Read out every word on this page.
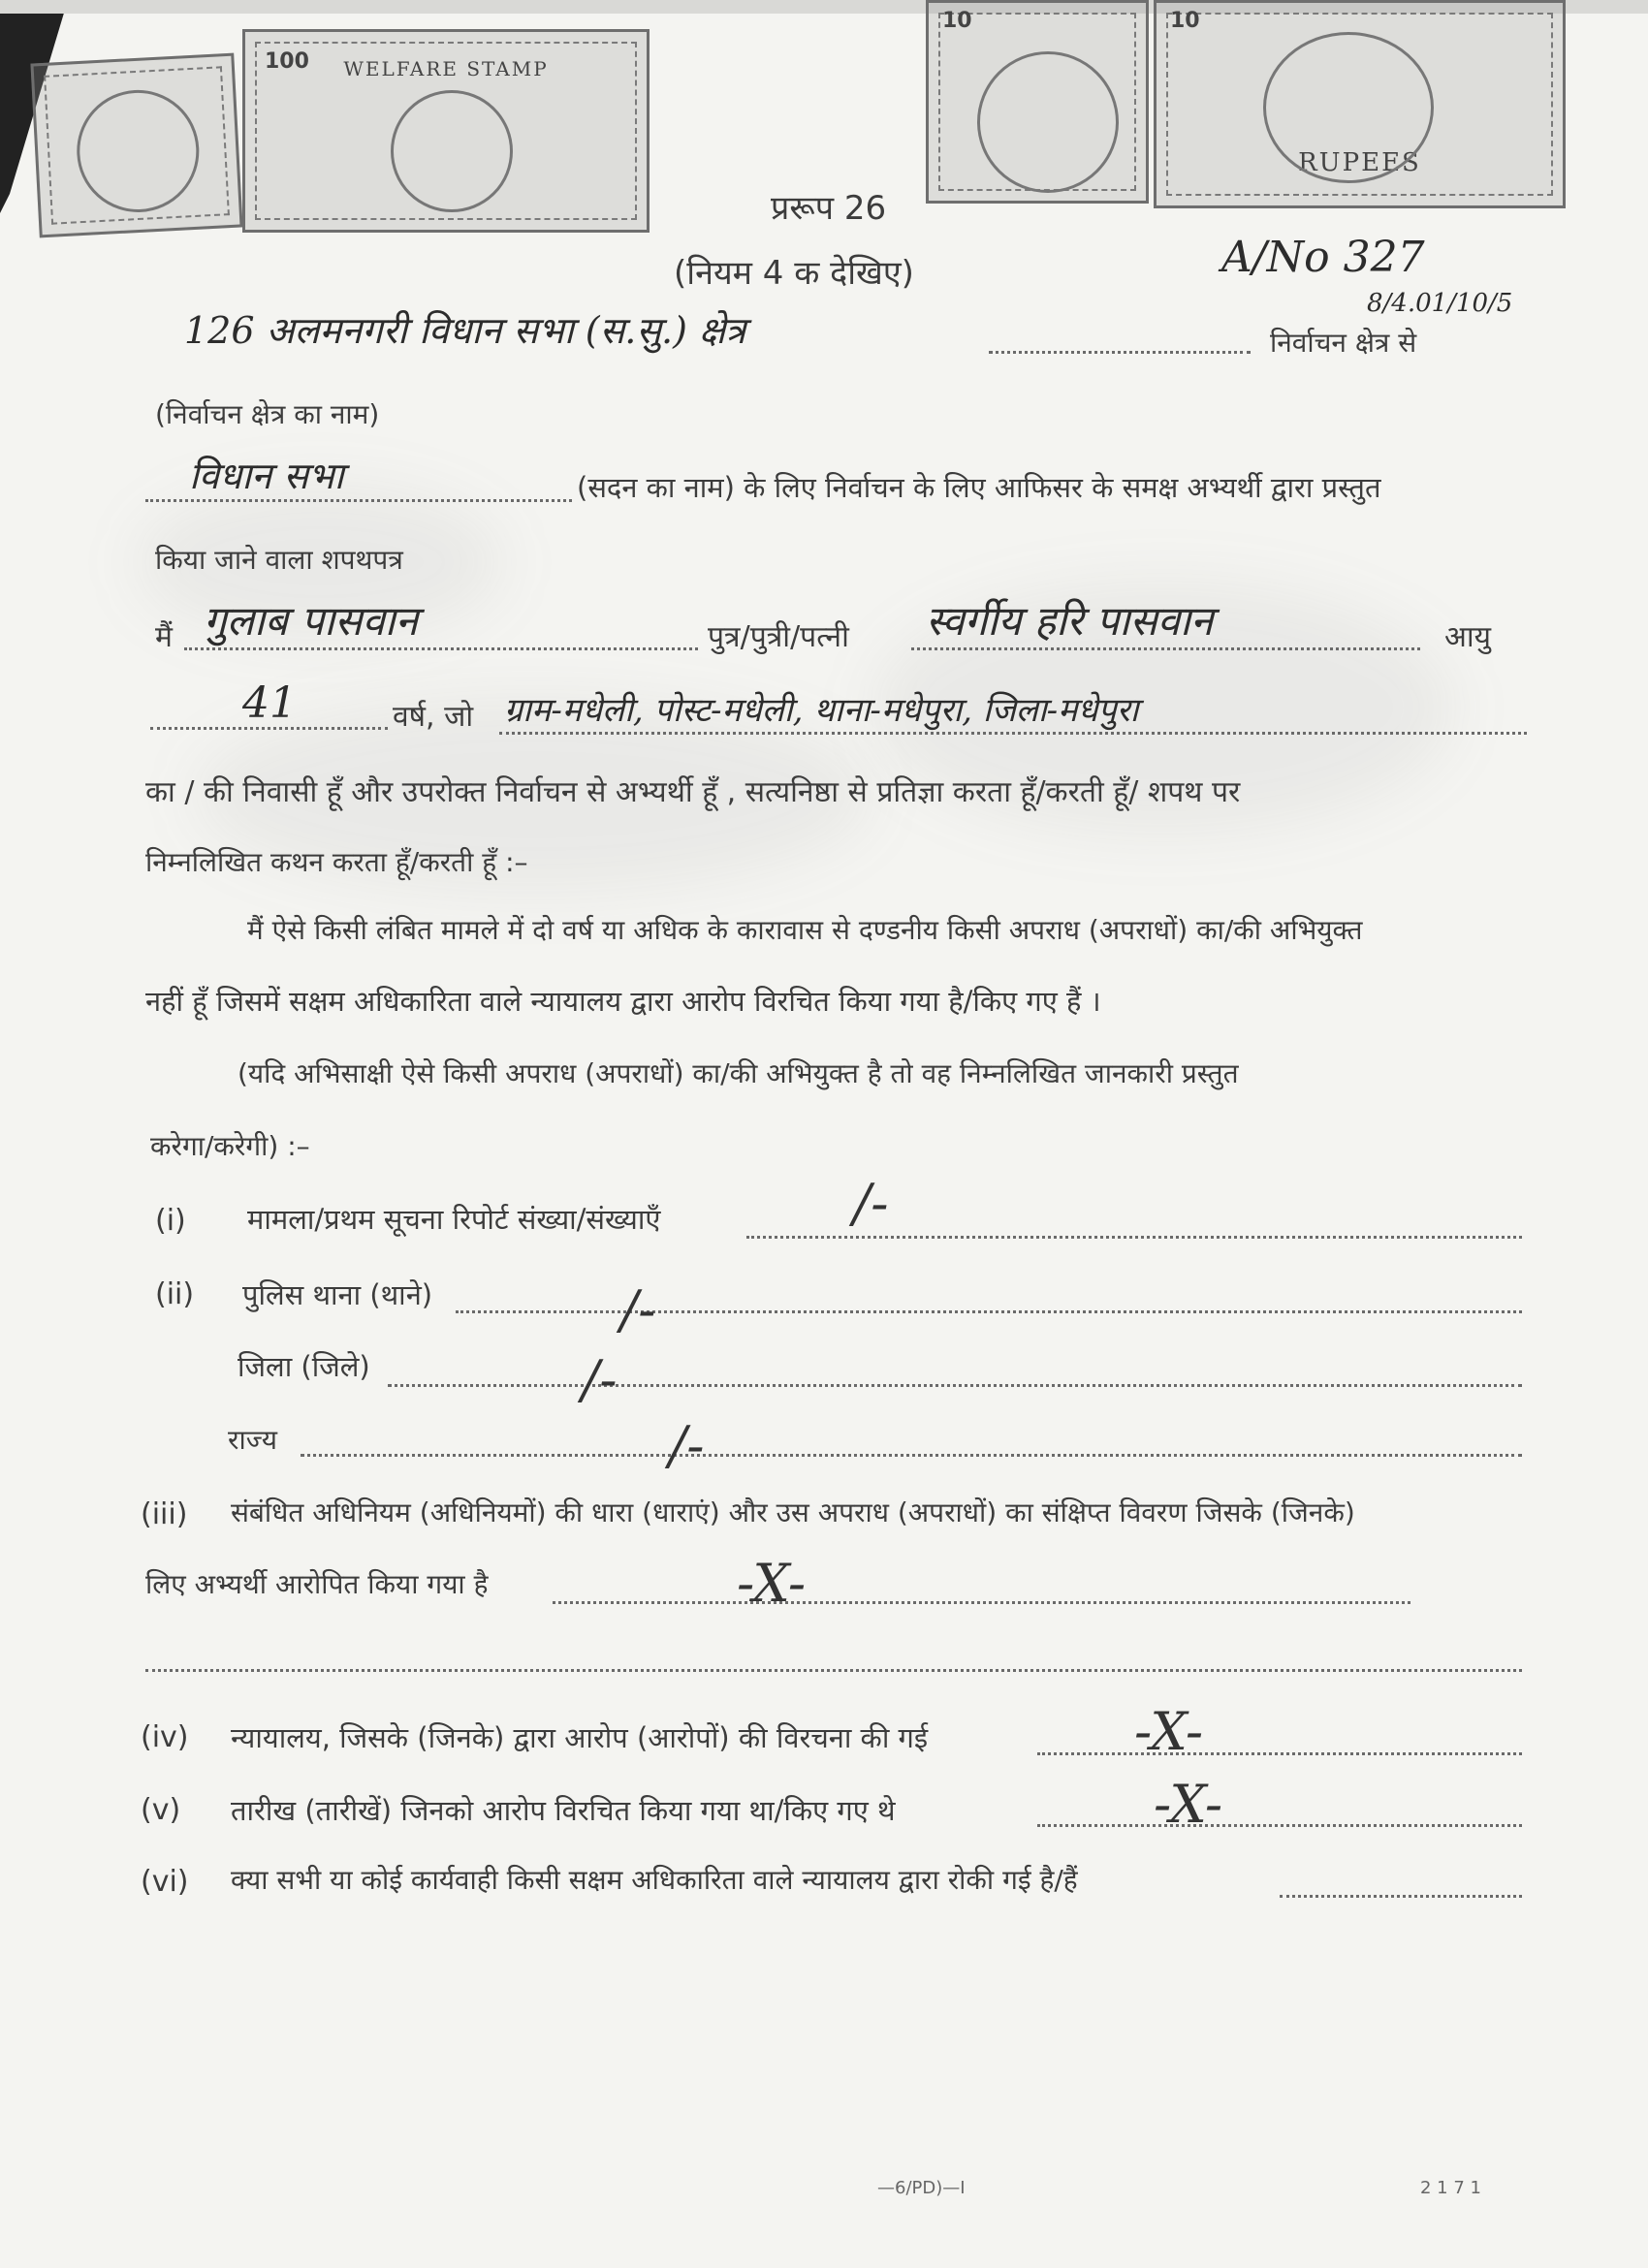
WELFARE STAMP
100
10	10
RUPEES
प्ररूप 26
(नियम 4 क देखिए)	A/No 327
8/4.01/10/5
126 अलमनगरी विधान सभा (स.सु.) क्षेत्र	निर्वाचन क्षेत्र से
(निर्वाचन क्षेत्र का नाम)
विधान सभा	(सदन का नाम) के लिए निर्वाचन के लिए आफिसर के समक्ष अभ्यर्थी द्वारा प्रस्तुत
किया जाने वाला शपथपत्र
मैं गुलाब पासवान	पुत्र/पुत्री/पत्नी स्वर्गीय हरि पासवान	आयु
41	वर्ष, जो ग्राम-मधेली, पोस्ट-मधेली, थाना-मधेपुरा, जिला-मधेपुरा
का / की निवासी हूँ और उपरोक्त निर्वाचन से अभ्यर्थी हूँ , सत्यनिष्ठा से प्रतिज्ञा करता हूँ/करती हूँ/ शपथ पर
निम्नलिखित कथन करता हूँ/करती हूँ :–
मैं ऐसे किसी लंबित मामले में दो वर्ष या अधिक के कारावास से दण्डनीय किसी अपराध (अपराधों) का/की अभियुक्त
नहीं हूँ जिसमें सक्षम अधिकारिता वाले न्यायालय द्वारा आरोप विरचित किया गया है/किए गए हैं ।
(यदि अभिसाक्षी ऐसे किसी अपराध (अपराधों) का/की अभियुक्त है तो वह निम्नलिखित जानकारी प्रस्तुत
करेगा/करेगी) :–
(i) मामला/प्रथम सूचना रिपोर्ट संख्या/संख्याएँ	/-
(ii) पुलिस थाना (थाने)	/-
जिला (जिले)	/-
राज्य	/-
(iii) संबंधित अधिनियम (अधिनियमों) की धारा (धाराएं) और उस अपराध (अपराधों) का संक्षिप्त विवरण जिसके (जिनके)
लिए अभ्यर्थी आरोपित किया गया है	-X-
(iv) न्यायालय, जिसके (जिनके) द्वारा आरोप (आरोपों) की विरचना की गई	-X-
(v) तारीख (तारीखें) जिनको आरोप विरचित किया गया था/किए गए थे	-X-
(vi) क्या सभी या कोई कार्यवाही किसी सक्षम अधिकारिता वाले न्यायालय द्वारा रोकी गई है/हैं
—6/PD)—I	2 1 7 1
